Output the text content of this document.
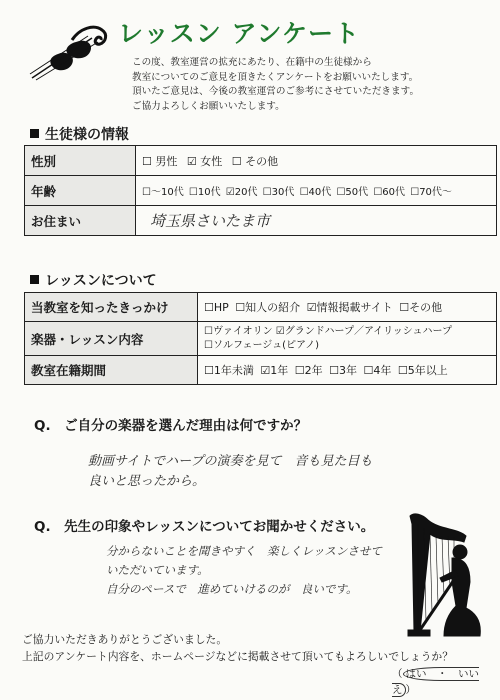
レッスン アンケート
この度、教室運営の拡充にあたり、在籍中の生徒様から
教室についてのご意見を頂きたくアンケートをお願いいたします。
頂いたご意見は、今後の教室運営のご参考にさせていただきます。
ご協力よろしくお願いいたします。
生徒様の情報
性別	☐ 男性 ☑ 女性 ☐ その他
年齢	☐～10代 ☐10代 ☑20代 ☐30代 ☐40代 ☐50代 ☐60代 ☐70代～
お住まい	埼玉県さいたま市
レッスンについて
当教室を知ったきっかけ	☐HP ☐知人の紹介 ☑情報掲載サイト ☐その他
楽器・レッスン内容	☐ヴァイオリン ☑グランドハープ／アイリッシュハープ
☐ソルフェージュ(ピアノ)

教室在籍期間	☐1年未満 ☑1年 ☐2年 ☐3年 ☐4年 ☐5年以上
Q.　ご自分の楽器を選んだ理由は何ですか？
動画サイトでハープの演奏を見て　音も見た目も
良いと思ったから。
Q.　先生の印象やレッスンについてお聞かせください。
分からないことを聞きやすく　楽しくレッスンさせて
いただいています。
自分のペースで　進めていけるのが　良いです。
ご協力いただきありがとうございました。
上記のアンケート内容を、ホームページなどに掲載させて頂いてもよろしいでしょうか？
（ はい　・　いいえ ）
